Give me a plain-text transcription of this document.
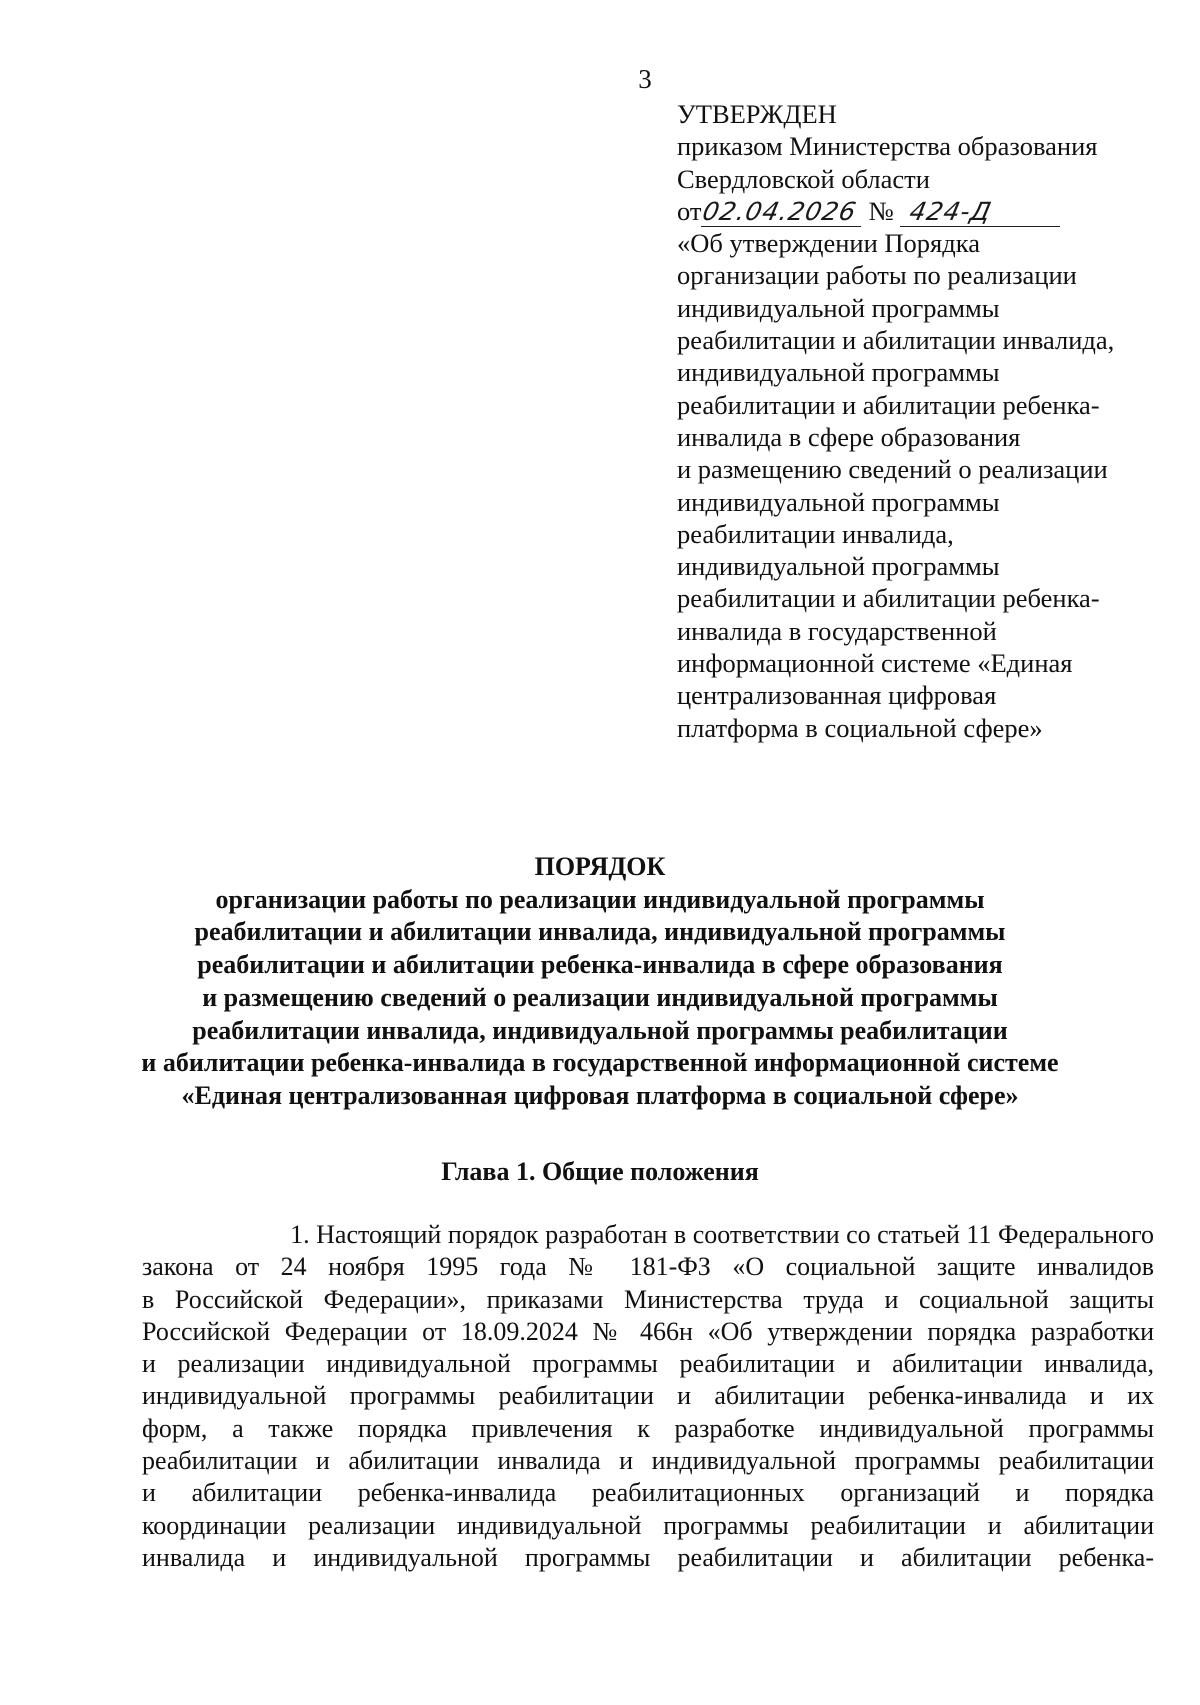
3
УТВЕРЖДЕН
приказом Министерства образования
Свердловской области
от 02.04.2026 № 424-Д
«Об утверждении Порядка
организации работы по реализации
индивидуальной программы
реабилитации и абилитации инвалида,
индивидуальной программы
реабилитации и абилитации ребенка-
инвалида в сфере образования
и размещению сведений о реализации
индивидуальной программы
реабилитации инвалида,
индивидуальной программы
реабилитации и абилитации ребенка-
инвалида в государственной
информационной системе «Единая
централизованная цифровая
платформа в социальной сфере»
ПОРЯДОК
организации работы по реализации индивидуальной программы
реабилитации и абилитации инвалида, индивидуальной программы
реабилитации и абилитации ребенка-инвалида в сфере образования
и размещению сведений о реализации индивидуальной программы
реабилитации инвалида, индивидуальной программы реабилитации
и абилитации ребенка-инвалида в государственной информационной системе
«Единая централизованная цифровая платформа в социальной сфере»
Глава 1. Общие положения
1. Настоящий порядок разработан в соответствии со статьей 11 Федерального
закона от 24 ноября 1995 года № 181-ФЗ «О социальной защите инвалидов
в Российской Федерации», приказами Министерства труда и социальной защиты
Российской Федерации от 18.09.2024 № 466н «Об утверждении порядка разработки
и реализации индивидуальной программы реабилитации и абилитации инвалида,
индивидуальной программы реабилитации и абилитации ребенка-инвалида и их
форм, а также порядка привлечения к разработке индивидуальной программы
реабилитации и абилитации инвалида и индивидуальной программы реабилитации
и абилитации ребенка-инвалида реабилитационных организаций и порядка
координации реализации индивидуальной программы реабилитации и абилитации
инвалида и индивидуальной программы реабилитации и абилитации ребенка-
